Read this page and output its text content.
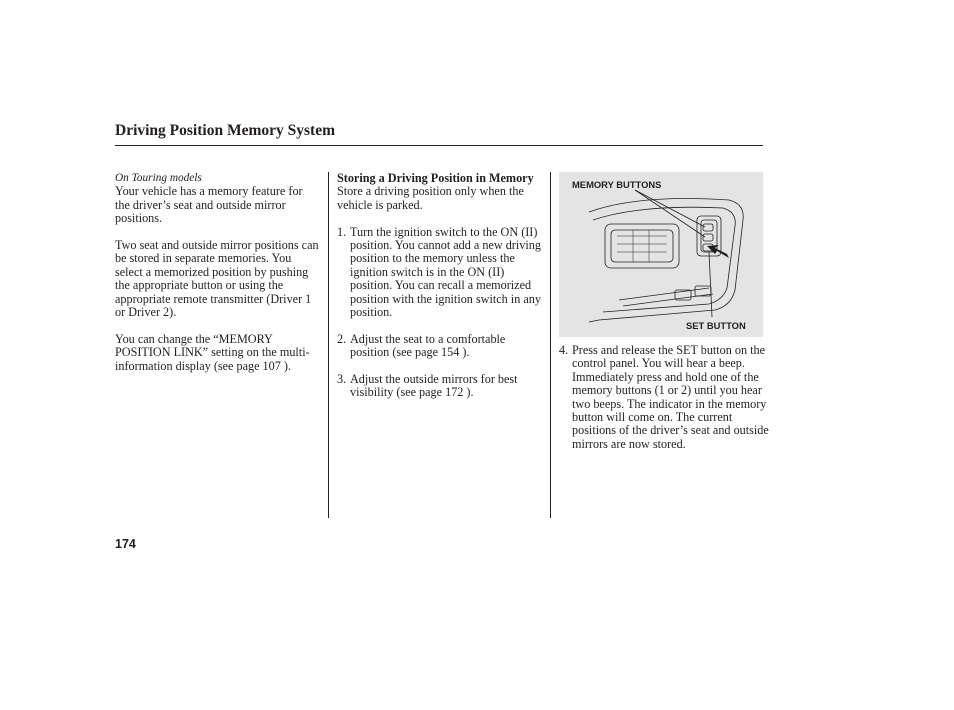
Driving Position Memory System

On Touring models

Your vehicle has a memory feature for the driver’s seat and outside mirror positions.

Two seat and outside mirror positions can be stored in separate memories. You select a memorized position by pushing the appropriate button or using the appropriate remote transmitter (Driver 1 or Driver 2).

You can change the “MEMORY POSITION LINK” setting on the multi-information display (see page 107 ).

Storing a Driving Position in Memory

Store a driving position only when the vehicle is parked.

1. Turn the ignition switch to the ON (II) position. You cannot add a new driving position to the memory unless the ignition switch is in the ON (II) position. You can recall a memorized position with the ignition switch in any position.
2. Adjust the seat to a comfortable position (see page 154 ).
3. Adjust the outside mirrors for best visibility (see page 172 ).
MEMORY BUTTONS
SET BUTTON
4. Press and release the SET button on the control panel. You will hear a beep. Immediately press and hold one of the memory buttons (1 or 2) until you hear two beeps. The indicator in the memory button will come on. The current positions of the driver’s seat and outside mirrors are now stored.
174
